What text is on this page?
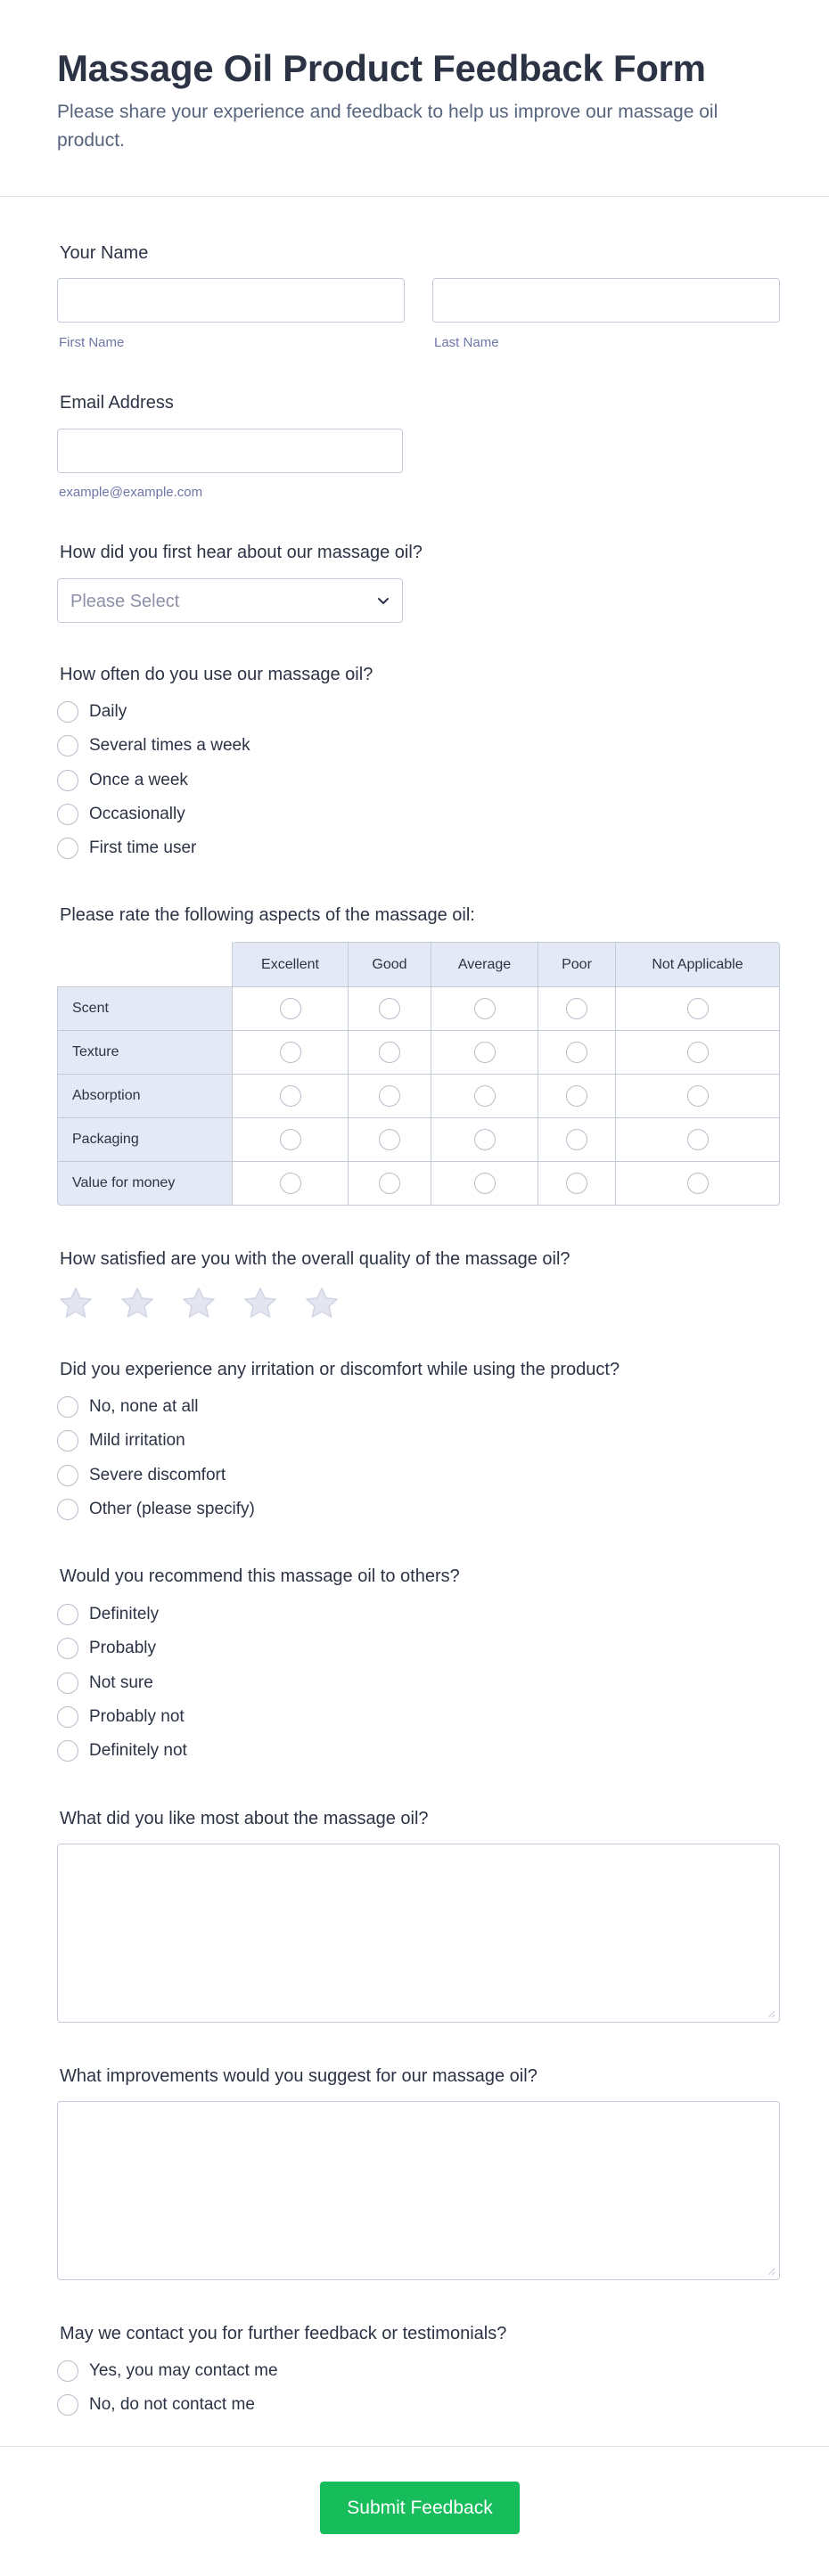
Massage Oil Product Feedback Form

Please share your experience and feedback to help us improve our massage oil product.

Your Name
First Name	Last Name
Email Address
example@example.com
How did you first hear about our massage oil?
Please Select
How often do you use our massage oil?
Daily
Several times a week
Once a week
Occasionally
First time user
Please rate the following aspects of the massage oil:
	Excellent	Good	Average	Poor	Not Applicable
Scent					
Texture					
Absorption					
Packaging					
Value for money					
How satisfied are you with the overall quality of the massage oil?
Did you experience any irritation or discomfort while using the product?
No, none at all
Mild irritation
Severe discomfort
Other (please specify)
Would you recommend this massage oil to others?
Definitely
Probably
Not sure
Probably not
Definitely not
What did you like most about the massage oil?
What improvements would you suggest for our massage oil?
May we contact you for further feedback or testimonials?
Yes, you may contact me
No, do not contact me
Submit Feedback
